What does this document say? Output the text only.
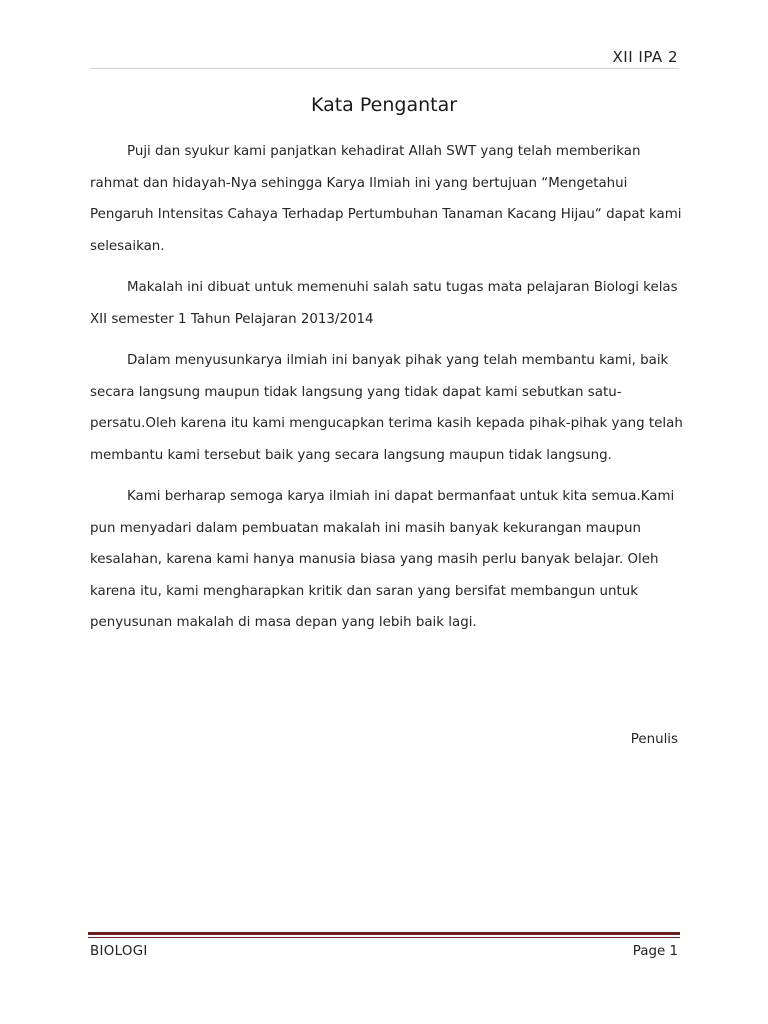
XII IPA 2
Kata Pengantar
Puji dan syukur kami panjatkan kehadirat Allah SWT yang telah memberikan
rahmat dan hidayah-Nya sehingga Karya Ilmiah ini yang bertujuan “Mengetahui
Pengaruh Intensitas Cahaya Terhadap Pertumbuhan Tanaman Kacang Hijau“ dapat kami
selesaikan.
Makalah ini dibuat untuk memenuhi salah satu tugas mata pelajaran Biologi kelas
XII semester 1 Tahun Pelajaran 2013/2014
Dalam menyusunkarya ilmiah ini banyak pihak yang telah membantu kami, baik
secara langsung maupun tidak langsung yang tidak dapat kami sebutkan satu-
persatu.Oleh karena itu kami mengucapkan terima kasih kepada pihak-pihak yang telah
membantu kami tersebut baik yang secara langsung maupun tidak langsung.
Kami berharap semoga karya ilmiah ini dapat bermanfaat untuk kita semua.Kami
pun menyadari dalam pembuatan makalah ini masih banyak kekurangan maupun
kesalahan, karena kami hanya manusia biasa yang masih perlu banyak belajar. Oleh
karena itu, kami mengharapkan kritik dan saran yang bersifat membangun untuk
penyusunan makalah di masa depan yang lebih baik lagi.
Penulis
BIOLOGI	Page 1
